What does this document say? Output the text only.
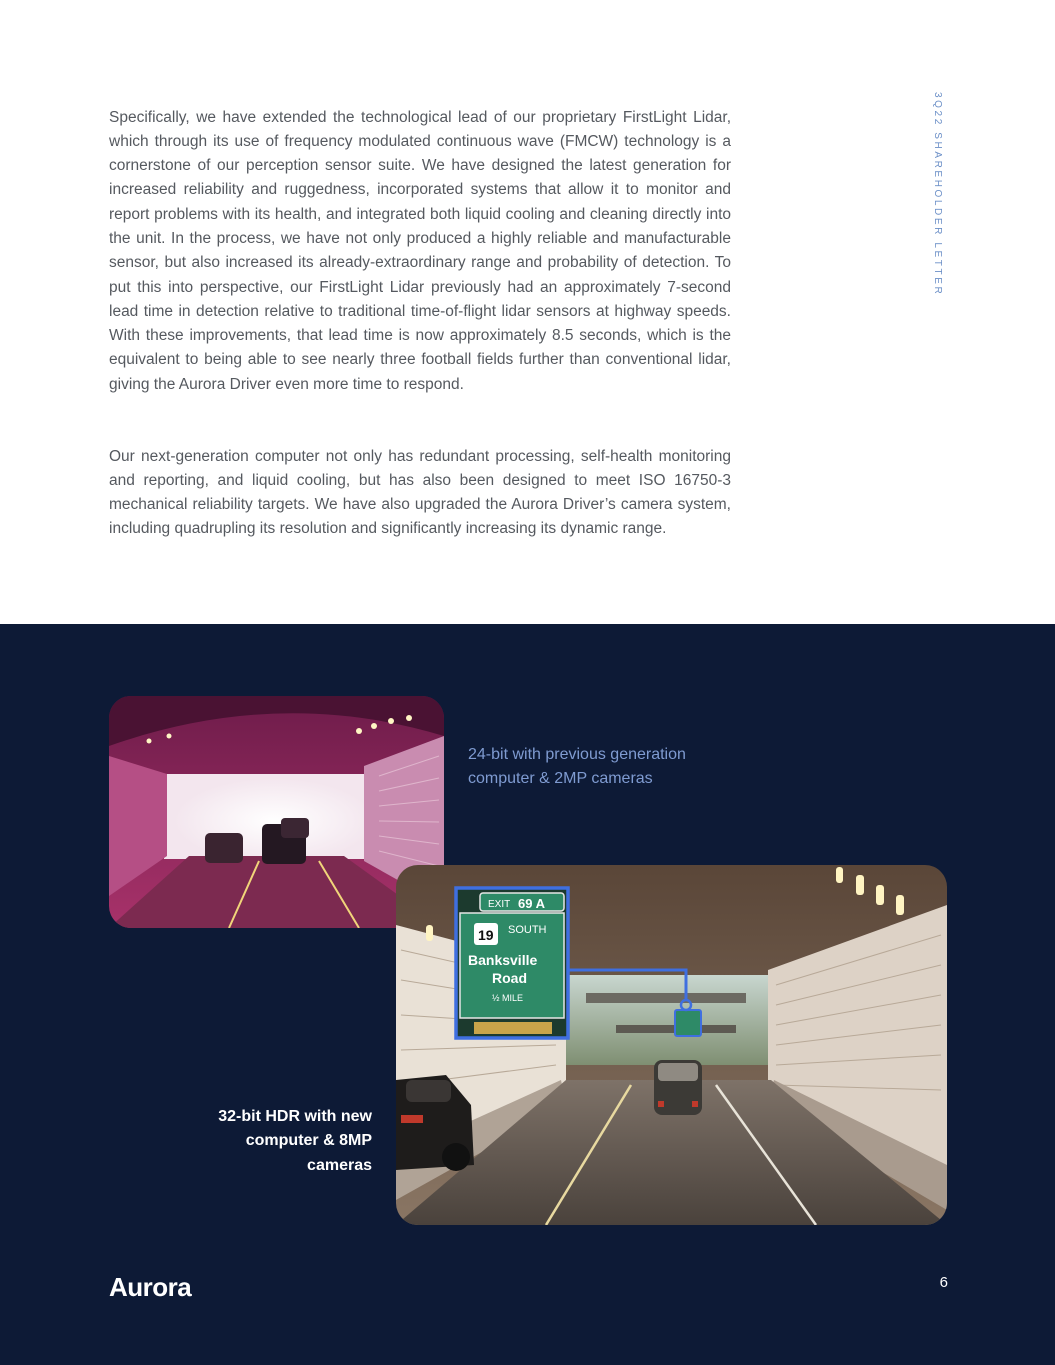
Specifically, we have extended the technological lead of our proprietary FirstLight Lidar, which through its use of frequency modulated continuous wave (FMCW) technology is a cornerstone of our perception sensor suite. We have designed the latest generation for increased reliability and ruggedness, incorporated systems that allow it to monitor and report problems with its health, and integrated both liquid cooling and cleaning directly into the unit. In the process, we have not only produced a highly reliable and manufacturable sensor, but also increased its already-extraordinary range and probability of detection. To put this into perspective, our FirstLight Lidar previously had an approximately 7-second lead time in detection relative to traditional time-of-flight lidar sensors at highway speeds. With these improvements, that lead time is now approximately 8.5 seconds, which is the equivalent to being able to see nearly three football fields further than conventional lidar, giving the Aurora Driver even more time to respond.

Our next-generation computer not only has redundant processing, self-health monitoring and reporting, and liquid cooling, but has also been designed to meet ISO 16750-3 mechanical reliability targets. We have also upgraded the Aurora Driver’s camera system, including quadrupling its resolution and significantly increasing its dynamic range.

3Q22 SHAREHOLDER LETTER
24-bit with previous generation computer & 2MP cameras
EXIT 69 A
19 SOUTH
Banksville
Road
½ MILE
32-bit HDR with new computer & 8MP cameras
Aurora	6
